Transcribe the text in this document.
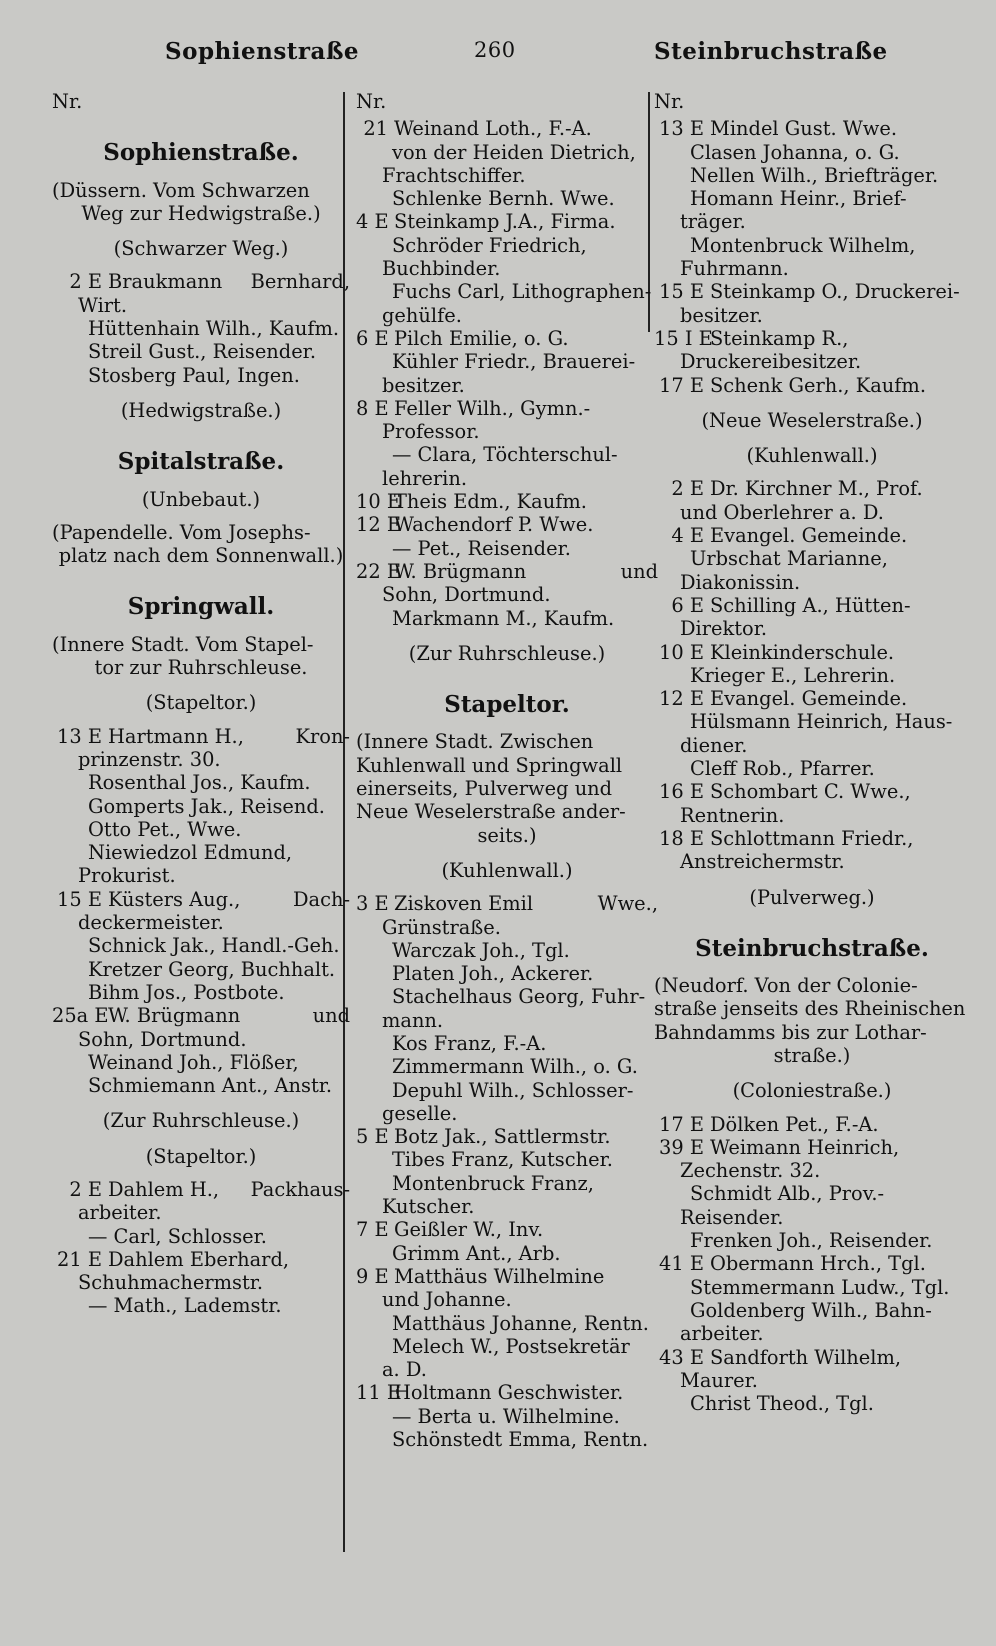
Sophienstraße	260	Steinbruchstraße
Nr.
Sophienstraße.
(Düssern. Vom Schwarzen
Weg zur Hedwigstraße.)
(Schwarzer Weg.)
2 E Braukmann	Bernhard,
Wirt.
Hüttenhain Wilh., Kaufm.
Streil Gust., Reisender.
Stosberg Paul, Ingen.
(Hedwigstraße.)
Spitalstraße.
(Unbebaut.)
(Papendelle. Vom Josephs-
platz nach dem Sonnenwall.)
Springwall.
(Innere Stadt. Vom Stapel-
tor zur Ruhrschleuse.
(Stapeltor.)
13 E Hartmann H.,	Kron-
prinzenstr. 30.
Rosenthal Jos., Kaufm.
Gomperts Jak., Reisend.
Otto Pet., Wwe.
Niewiedzol Edmund,
Prokurist.
15 E Küsters Aug.,	Dach-
deckermeister.
Schnick Jak., Handl.-Geh.
Kretzer Georg, Buchhalt.
Bihm Jos., Postbote.
25a E W. Brügmann	und
Sohn, Dortmund.
Weinand Joh., Flößer,
Schmiemann Ant., Anstr.
(Zur Ruhrschleuse.)
(Stapeltor.)
2 E Dahlem H.,	Packhaus-
arbeiter.
— Carl, Schlosser.
21 E Dahlem Eberhard,
Schuhmachermstr.
— Math., Lademstr.
Nr.
21 Weinand Loth., F.-A.
von der Heiden Dietrich,
Frachtschiffer.
Schlenke Bernh. Wwe.
4 E Steinkamp J.A., Firma.
Schröder Friedrich,
Buchbinder.
Fuchs Carl, Lithographen-
gehülfe.
6 E Pilch Emilie, o. G.
Kühler Friedr., Brauerei-
besitzer.
8 E Feller Wilh., Gymn.-
Professor.
— Clara, Töchterschul-
lehrerin.
10 E
Theis Edm., Kaufm.
12 E
Wachendorf P. Wwe.
— Pet., Reisender.
22 E
W. Brügmann	und
Sohn, Dortmund.
Markmann M., Kaufm.
(Zur Ruhrschleuse.)
Stapeltor.
(Innere Stadt. Zwischen
Kuhlenwall und Springwall
einerseits, Pulverweg und
Neue Weselerstraße ander-
seits.)
(Kuhlenwall.)
3 E Ziskoven Emil	Wwe.,
Grünstraße.
Warczak Joh., Tgl.
Platen Joh., Ackerer.
Stachelhaus Georg, Fuhr-
mann.
Kos Franz, F.-A.
Zimmermann Wilh., o. G.
Depuhl Wilh., Schlosser-
geselle.
5 E Botz Jak., Sattlermstr.
Tibes Franz, Kutscher.
Montenbruck Franz,
Kutscher.
7 E Geißler W., Inv.
Grimm Ant., Arb.
9 E Matthäus Wilhelmine
und Johanne.
Matthäus Johanne, Rentn.
Melech W., Postsekretär
a. D.
11 E
Holtmann Geschwister.
— Berta u. Wilhelmine.
Schönstedt Emma, Rentn.
Nr.
13 E Mindel Gust. Wwe.
Clasen Johanna, o. G.
Nellen Wilh., Briefträger.
Homann Heinr., Brief-
träger.
Montenbruck Wilhelm,
Fuhrmann.
15 E Steinkamp O., Druckerei-
besitzer.
15 I E
Steinkamp R.,
Druckereibesitzer.
17 E Schenk Gerh., Kaufm.
(Neue Weselerstraße.)
(Kuhlenwall.)
2 E Dr. Kirchner M., Prof.
und Oberlehrer a. D.
4 E Evangel. Gemeinde.
Urbschat Marianne,
Diakonissin.
6 E Schilling A., Hütten-
Direktor.
10 E Kleinkinderschule.
Krieger E., Lehrerin.
12 E Evangel. Gemeinde.
Hülsmann Heinrich, Haus-
diener.
Cleff Rob., Pfarrer.
16 E Schombart C. Wwe.,
Rentnerin.
18 E Schlottmann Friedr.,
Anstreichermstr.
(Pulverweg.)
Steinbruchstraße.
(Neudorf. Von der Colonie-
straße jenseits des Rheinischen
Bahndamms bis zur Lothar-
straße.)
(Coloniestraße.)
17 E Dölken Pet., F.-A.
39 E Weimann Heinrich,
Zechenstr. 32.
Schmidt Alb., Prov.-
Reisender.
Frenken Joh., Reisender.
41 E Obermann Hrch., Tgl.
Stemmermann Ludw., Tgl.
Goldenberg Wilh., Bahn-
arbeiter.
43 E Sandforth Wilhelm,
Maurer.
Christ Theod., Tgl.
